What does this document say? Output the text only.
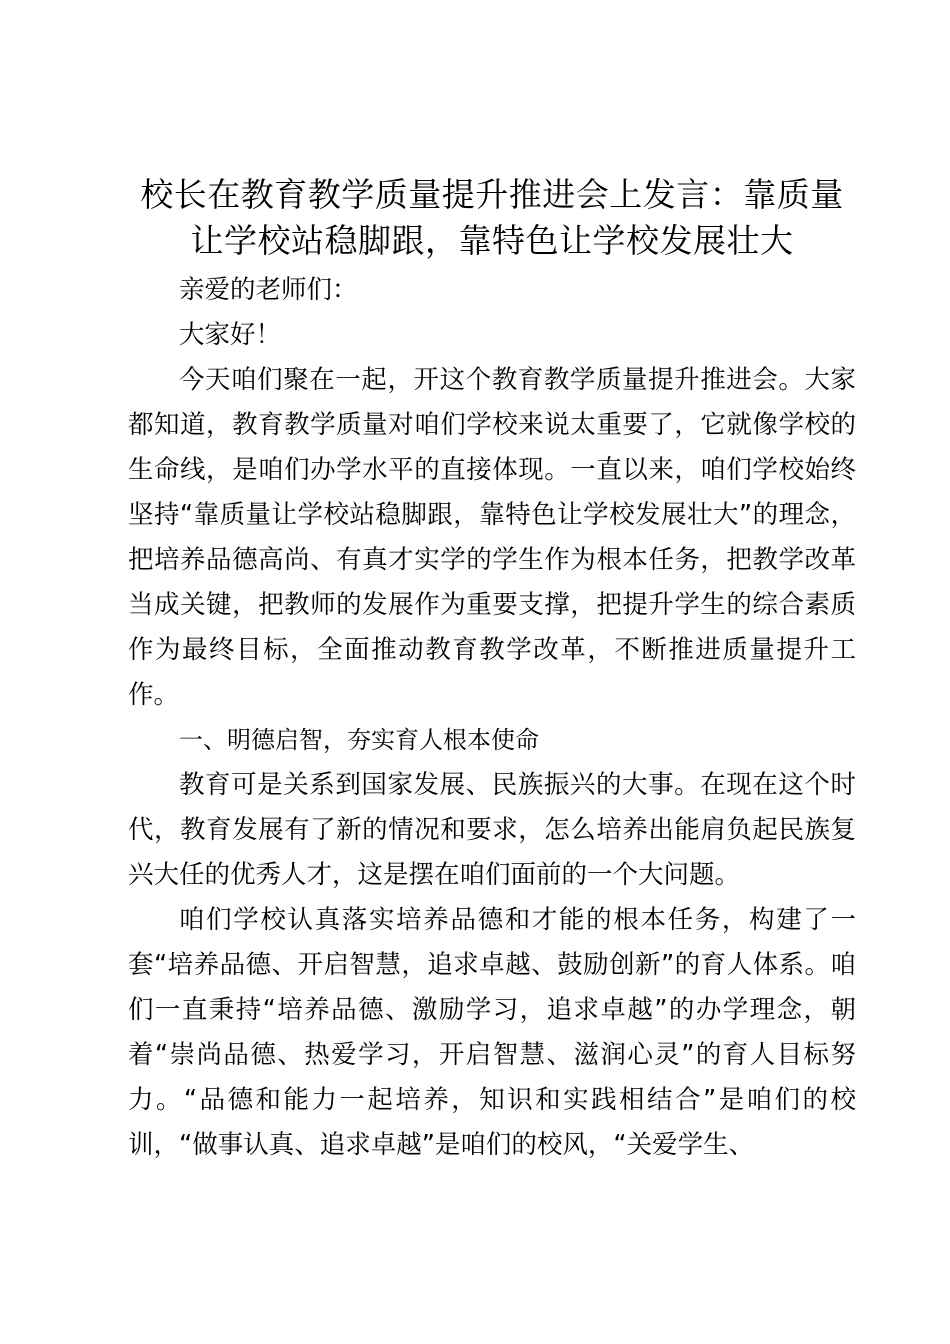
校长在教育教学质量提升推进会上发言：靠质量让学校站稳脚跟，靠特色让学校发展壮大

亲爱的老师们：

大家好！

今天咱们聚在一起，开这个教育教学质量提升推进会。大家都知道，教育教学质量对咱们学校来说太重要了，它就像学校的生命线，是咱们办学水平的直接体现。一直以来，咱们学校始终坚持“靠质量让学校站稳脚跟，靠特色让学校发展壮大”的理念，把培养品德高尚、有真才实学的学生作为根本任务，把教学改革当成关键，把教师的发展作为重要支撑，把提升学生的综合素质作为最终目标，全面推动教育教学改革，不断推进质量提升工作。

一、明德启智，夯实育人根本使命

教育可是关系到国家发展、民族振兴的大事。在现在这个时代，教育发展有了新的情况和要求，怎么培养出能肩负起民族复兴大任的优秀人才，这是摆在咱们面前的一个大问题。

咱们学校认真落实培养品德和才能的根本任务，构建了一套“培养品德、开启智慧，追求卓越、鼓励创新”的育人体系。咱们一直秉持“培养品德、激励学习，追求卓越”的办学理念，朝着“崇尚品德、热爱学习，开启智慧、滋润心灵”的育人目标努力。“品德和能力一起培养，知识和实践相结合”是咱们的校训，“做事认真、追求卓越”是咱们的校风，“关爱学生、
